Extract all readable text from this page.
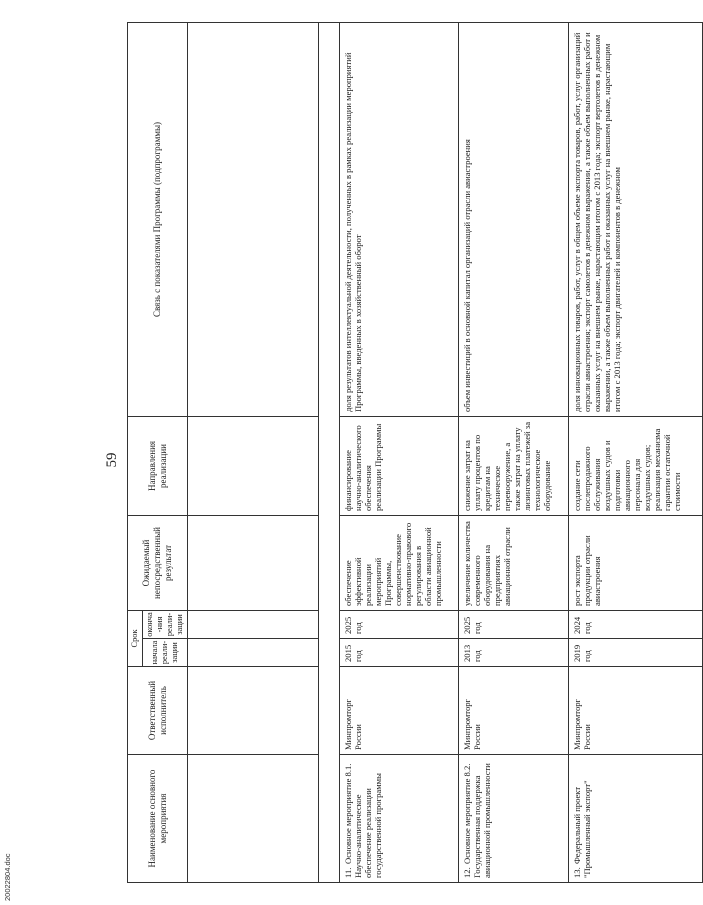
20022804.doc
59
Наименование основного мероприятия	Ответственный исполнитель	Срок		Ожидаемый непосредственный результат	Направления реализации	Связь с показателями Программы (подпрограммы)
		начала реали-зации	оконча-ния реали-зации			

11.Основное мероприятие 8.1. Научно-аналитическое обеспечение реализации государственной программы	Минпромторг России	2015 год	2025 год	обеспечение эффективной реализации мероприятий Программы, совершенствование нормативно-правового регулирования в области авиационной промышленности	финансирование научно-аналитического обеспечения реализации Программы	доля результатов интеллектуальной деятельности, полученных в рамках реализации мероприятий Программы, введенных в хозяйственный оборот
12.Основное мероприятие 8.2. Государственная поддержка авиационной промышленности	Минпромторг России	2013 год	2025 год	увеличение количества современного оборудования на предприятиях авиационной отрасли	снижение затрат на уплату процентов по кредитам на техническое перевооружение, а также затрат на уплату лизинговых платежей за технологическое оборудование	объем инвестиций в основной капитал организаций отрасли авиастроения
13.Федеральный проект "Промышленный экспорт"	Минпромторг России	2019 год	2024 год	рост экспорта продукции отрасли авиастроения	создание сети послепродажного обслуживания воздушных судов и подготовки авиационного персонала для воздушных судов; реализация механизма гарантии остаточной стоимости	доля инновационных товаров, работ, услуг в общем объеме экспорта товаров, работ, услуг организаций отрасли авиастроения; экспорт самолетов в денежном выражении, а также объем выполненных работ и оказанных услуг на внешнем рынке, нарастающим итогом с 2013 года; экспорт вертолетов в денежном выражении, а также объем выполненных работ и оказанных услуг на внешнем рынке, нарастающим итогом с 2013 года; экспорт двигателей и компонентов в денежном
